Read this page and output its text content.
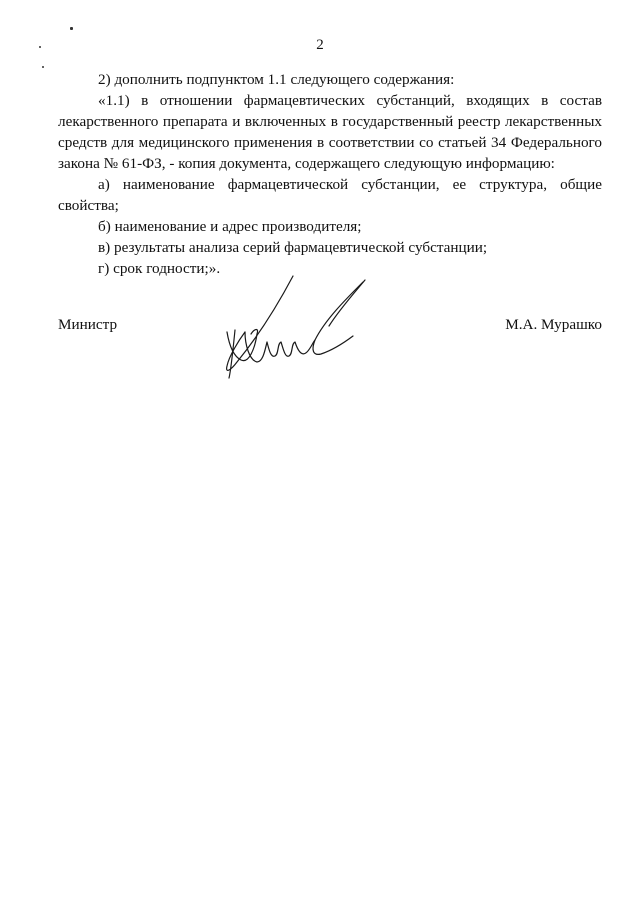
2

2) дополнить подпунктом 1.1 следующего содержания:

«1.1) в отношении фармацевтических субстанций, входящих в состав лекарственного препарата и включенных в государственный реестр лекарственных средств для медицинского применения в соответствии со статьей 34 Федерального закона № 61-ФЗ, - копия документа, содержащего следующую информацию:

а) наименование фармацевтической субстанции, ее структура, общие свойства;

б) наименование и адрес производителя;

в) результаты анализа серий фармацевтической субстанции;

г) срок годности;».

Министр	М.А. Мурашко
